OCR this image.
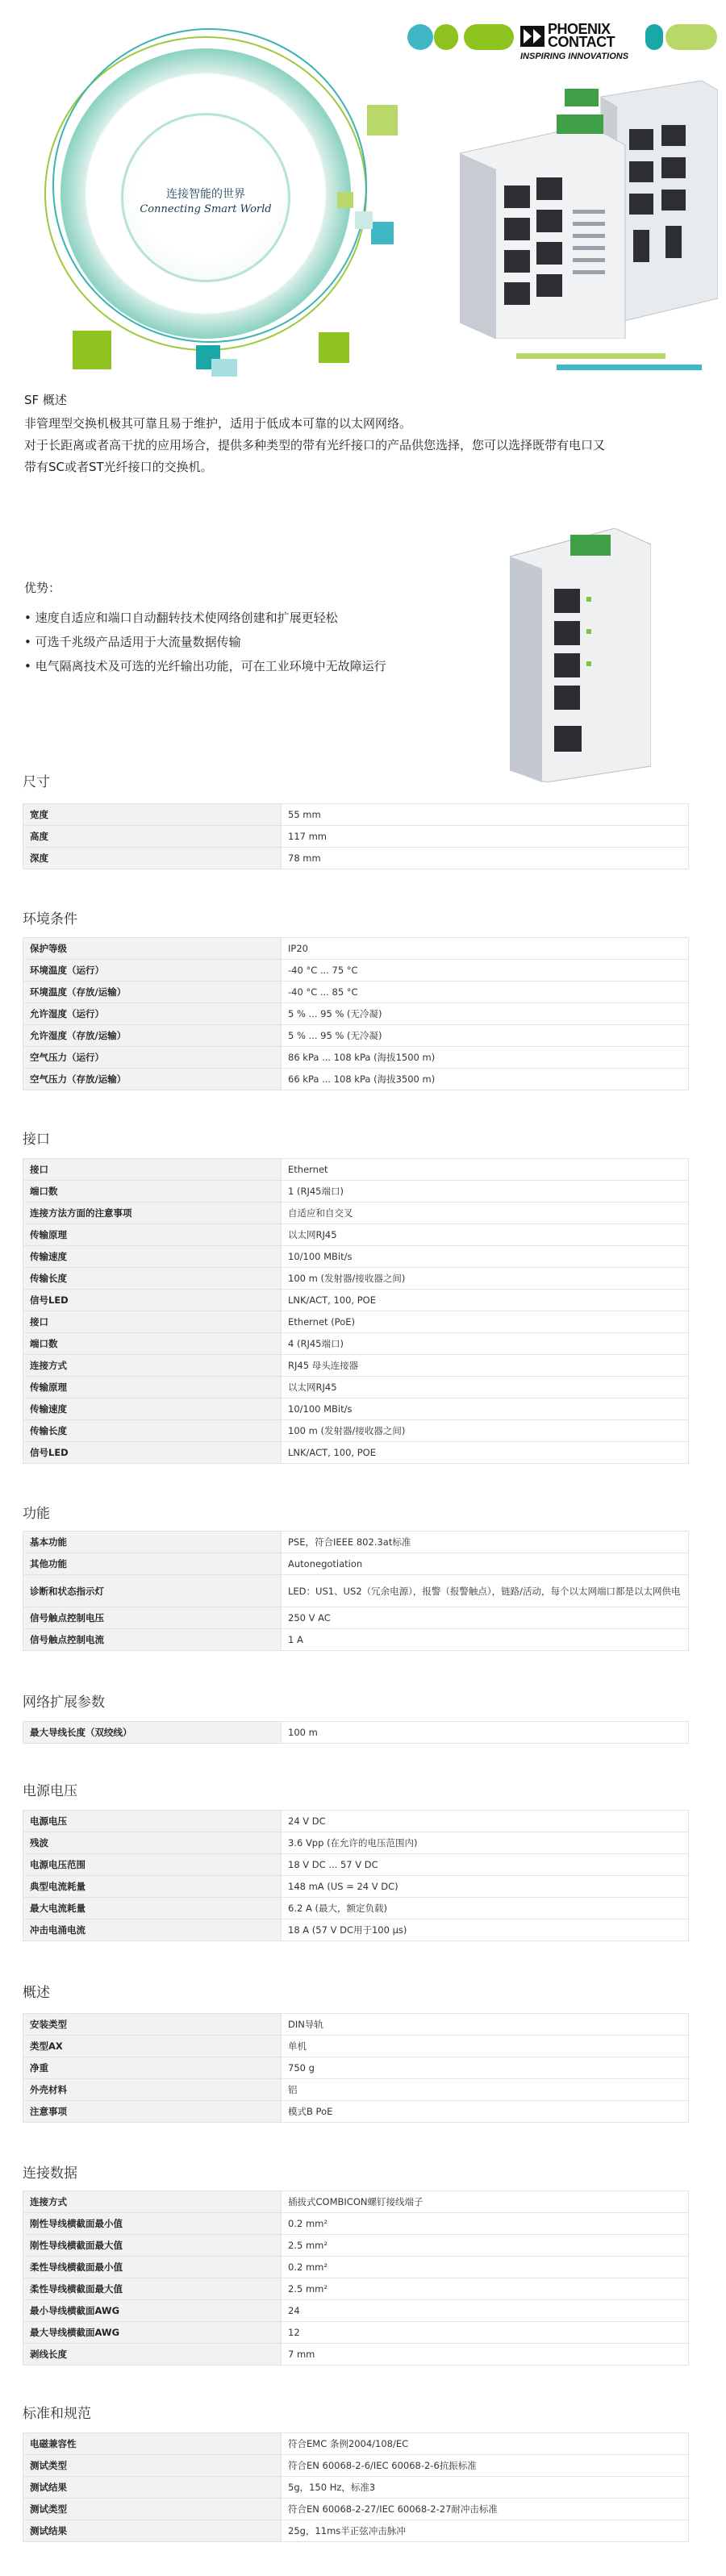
连接智能的世界
Connecting Smart World
PHOENIX
CONTACT
INSPIRING INNOVATIONS
SF 概述
非管理型交换机极其可靠且易于维护，适用于低成本可靠的以太网网络。
对于长距离或者高干扰的应用场合，提供多种类型的带有光纤接口的产品供您选择，您可以选择既带有电口又
带有SC或者ST光纤接口的交换机。
优势：
• 速度自适应和端口自动翻转技术使网络创建和扩展更轻松
• 可选千兆级产品适用于大流量数据传输
• 电气隔离技术及可选的光纤输出功能，可在工业环境中无故障运行
尺寸
宽度	55 mm
高度	117 mm
深度	78 mm
环境条件
保护等级	IP20
环境温度（运行）	-40 °C ... 75 °C
环境温度（存放/运输）	-40 °C ... 85 °C
允许湿度（运行）	5 % ... 95 % (无冷凝)
允许湿度（存放/运输）	5 % ... 95 % (无冷凝)
空气压力（运行）	86 kPa ... 108 kPa (海拔1500 m)
空气压力（存放/运输）	66 kPa ... 108 kPa (海拔3500 m)
接口
接口	Ethernet
端口数	1 (RJ45端口)
连接方法方面的注意事项	自适应和自交叉
传输原理	以太网RJ45
传输速度	10/100 MBit/s
传输长度	100 m (发射器/接收器之间)
信号LED	LNK/ACT, 100, POE
接口	Ethernet (PoE)
端口数	4 (RJ45端口)
连接方式	RJ45 母头连接器
传输原理	以太网RJ45
传输速度	10/100 MBit/s
传输长度	100 m (发射器/接收器之间)
信号LED	LNK/ACT, 100, POE
功能
基本功能	PSE，符合IEEE 802.3at标准
其他功能	Autonegotiation
诊断和状态指示灯	LED：US1、US2（冗余电源），报警（报警触点），链路/活动，每个以太网端口都是以太网供电
信号触点控制电压	250 V AC
信号触点控制电流	1 A
网络扩展参数
最大导线长度（双绞线）	100 m
电源电压
电源电压	24 V DC
残波	3.6 Vpp (在允许的电压范围内)
电源电压范围	18 V DC ... 57 V DC
典型电流耗量	148 mA (US = 24 V DC)
最大电流耗量	6.2 A (最大，额定负载)
冲击电涌电流	18 A (57 V DC用于100 µs)
概述
安装类型	DIN导轨
类型AX	单机
净重	750 g
外壳材料	铝
注意事项	模式B PoE
连接数据
连接方式	插拔式COMBICON螺钉接线端子
刚性导线横截面最小值	0.2 mm²
刚性导线横截面最大值	2.5 mm²
柔性导线横截面最小值	0.2 mm²
柔性导线横截面最大值	2.5 mm²
最小导线横截面AWG	24
最大导线横截面AWG	12
剥线长度	7 mm
标准和规范
电磁兼容性	符合EMC 条例2004/108/EC
测试类型	符合EN 60068-2-6/IEC 60068-2-6抗振标准
测试结果	5g，150 Hz，标准3
测试类型	符合EN 60068-2-27/IEC 60068-2-27耐冲击标准
测试结果	25g，11ms半正弦冲击脉冲
